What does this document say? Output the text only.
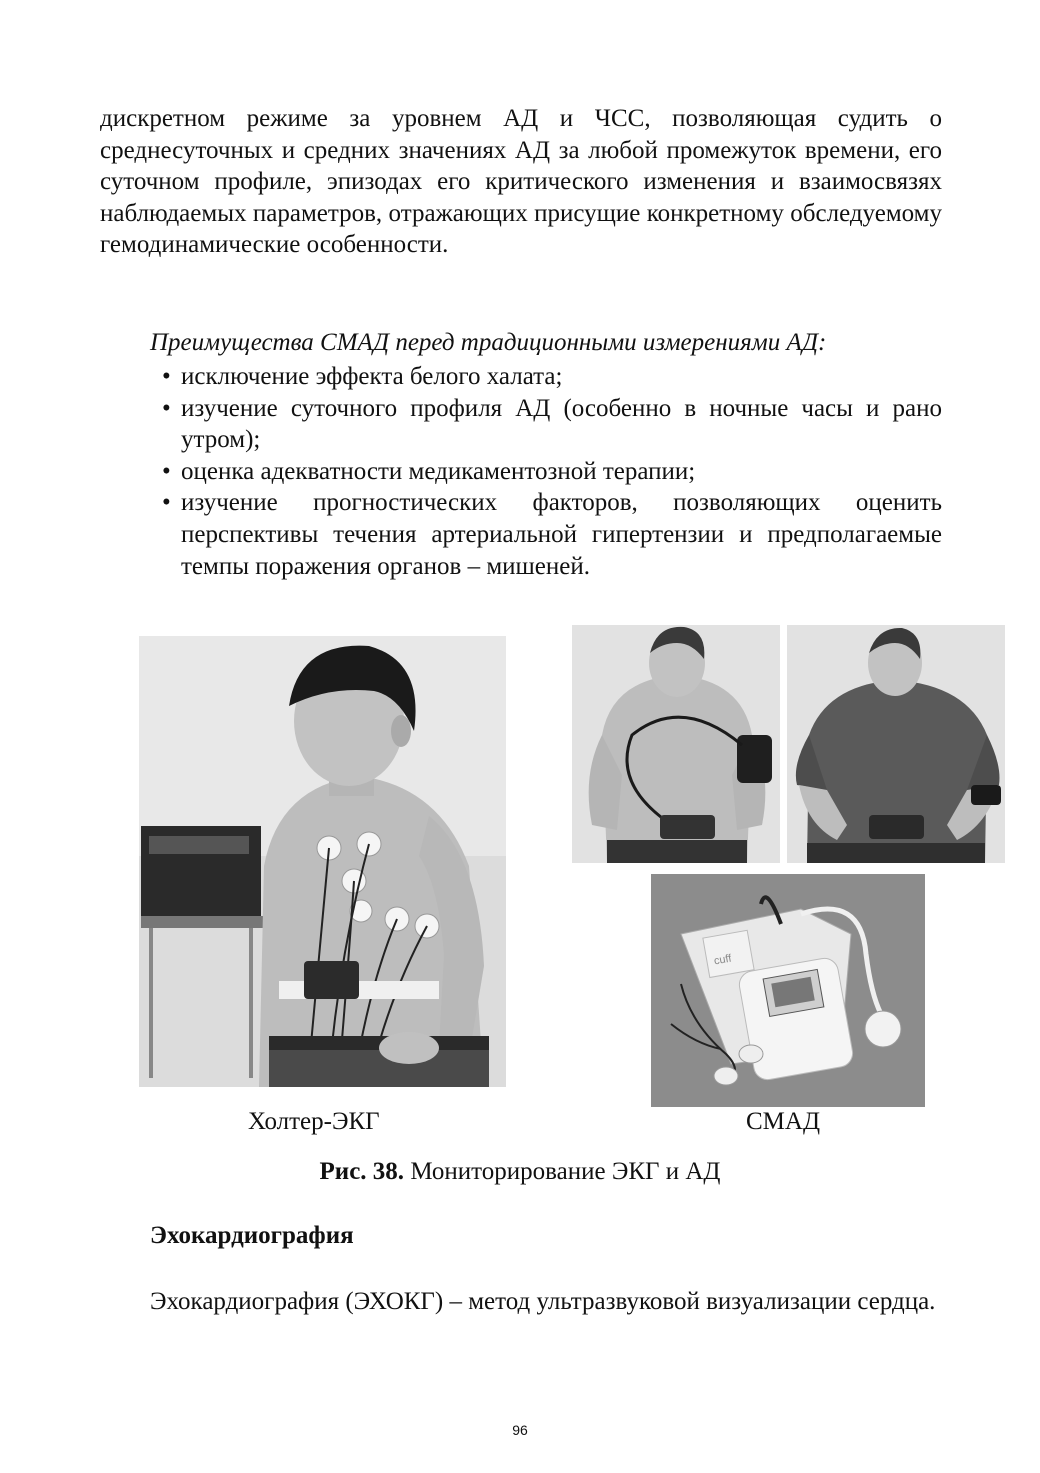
дискретном режиме за уровнем АД и ЧСС, позволяющая судить о среднесуточных и средних значениях АД за любой промежуток времени, его суточном профиле, эпизодах его критического изменения и взаимосвязях наблюдаемых параметров, отражающих присущие конкретному обследуемому гемодинамические особенности.
Преимущества СМАД перед традиционными измерениями АД:
• исключение эффекта белого халата;
• изучение суточного профиля АД (особенно в ночные часы и рано утром);
• оценка адекватности медикаментозной терапии;
• изучение прогностических факторов, позволяющих оценить перспективы течения артериальной гипертензии и предполагаемые темпы поражения органов – мишеней.
cuff
Холтер-ЭКГ	СМАД
Рис. 38. Мониторирование ЭКГ и АД
Эхокардиография
Эхокардиография (ЭХОКГ) – метод ультразвуковой визуализации сердца.
96
